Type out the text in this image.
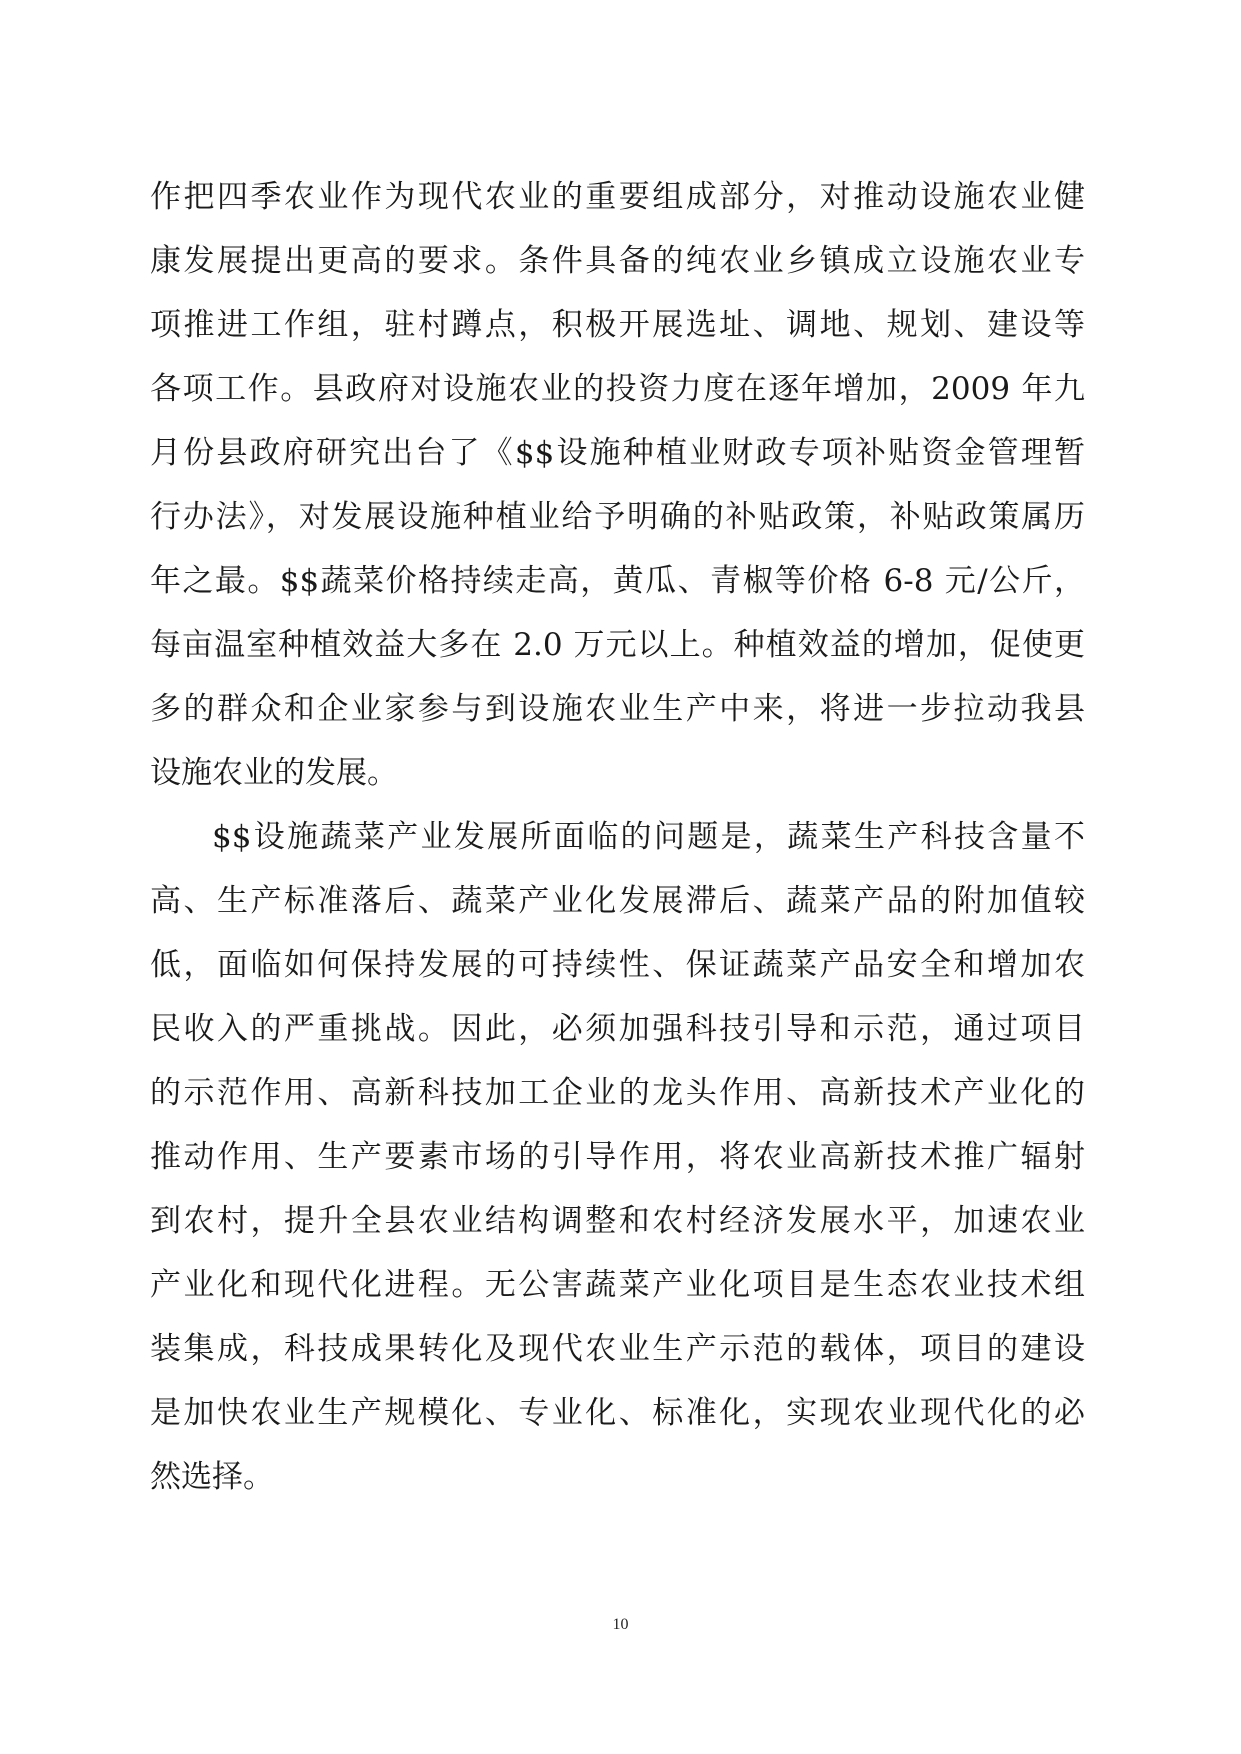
作把四季农业作为现代农业的重要组成部分，对推动设施农业健
康发展提出更高的要求。条件具备的纯农业乡镇成立设施农业专
项推进工作组，驻村蹲点，积极开展选址、调地、规划、建设等
各项工作。县政府对设施农业的投资力度在逐年增加，2009 年九
月份县政府研究出台了《$$设施种植业财政专项补贴资金管理暂
行办法》，对发展设施种植业给予明确的补贴政策，补贴政策属历
年之最。$$蔬菜价格持续走高，黄瓜、青椒等价格 6-8 元/公斤，
每亩温室种植效益大多在 2.0 万元以上。种植效益的增加，促使更
多的群众和企业家参与到设施农业生产中来，将进一步拉动我县
设施农业的发展。
$$设施蔬菜产业发展所面临的问题是，蔬菜生产科技含量不
高、生产标准落后、蔬菜产业化发展滞后、蔬菜产品的附加值较
低，面临如何保持发展的可持续性、保证蔬菜产品安全和增加农
民收入的严重挑战。因此，必须加强科技引导和示范，通过项目
的示范作用、高新科技加工企业的龙头作用、高新技术产业化的
推动作用、生产要素市场的引导作用，将农业高新技术推广辐射
到农村，提升全县农业结构调整和农村经济发展水平，加速农业
产业化和现代化进程。无公害蔬菜产业化项目是生态农业技术组
装集成，科技成果转化及现代农业生产示范的载体，项目的建设
是加快农业生产规模化、专业化、标准化，实现农业现代化的必
然选择。
10
